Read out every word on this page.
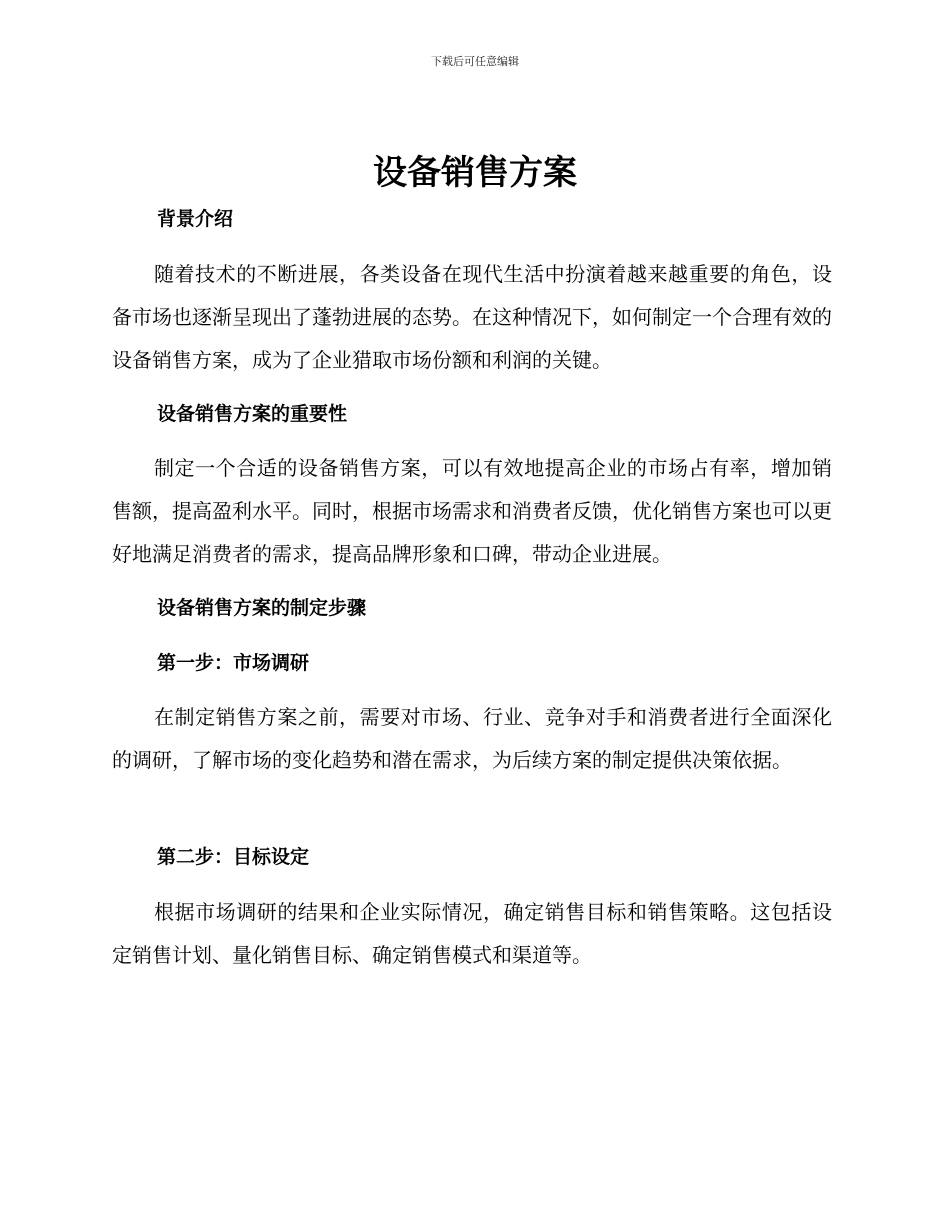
下载后可任意编辑
设备销售方案
背景介绍

随着技术的不断进展，各类设备在现代生活中扮演着越来越重要的角色，设备市场也逐渐呈现出了蓬勃进展的态势。在这种情况下，如何制定一个合理有效的设备销售方案，成为了企业猎取市场份额和利润的关键。

设备销售方案的重要性

制定一个合适的设备销售方案，可以有效地提高企业的市场占有率，增加销售额，提高盈利水平。同时，根据市场需求和消费者反馈，优化销售方案也可以更好地满足消费者的需求，提高品牌形象和口碑，带动企业进展。

设备销售方案的制定步骤
第一步：市场调研

在制定销售方案之前，需要对市场、行业、竞争对手和消费者进行全面深化的调研，了解市场的变化趋势和潜在需求，为后续方案的制定提供决策依据。

第二步：目标设定

根据市场调研的结果和企业实际情况，确定销售目标和销售策略。这包括设定销售计划、量化销售目标、确定销售模式和渠道等。
